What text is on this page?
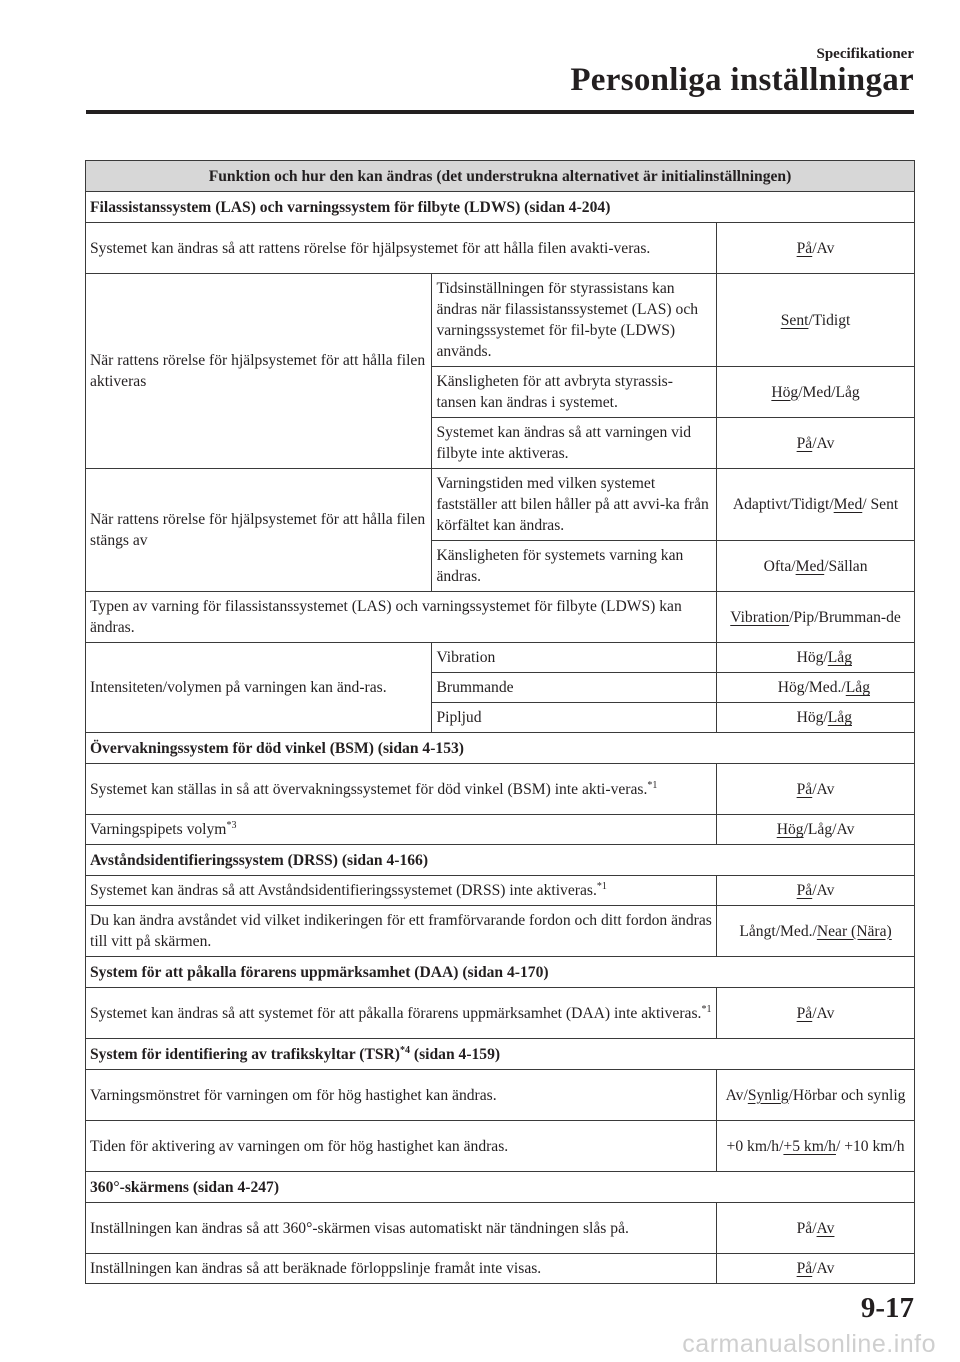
Specifikationer
Personliga inställningar
Funktion och hur den kan ändras (det understrukna alternativet är initialinställningen)		
Filassistanssystem (LAS) och varningssystem för filbyte (LDWS) (sidan 4-204)		
Systemet kan ändras så att rattens rörelse för hjälpsystemet för att hålla filen avakti-veras.		På/Av
När rattens rörelse för hjälpsystemet för att hålla filen aktiveras	Tidsinställningen för styrassistans kan ändras när filassistanssystemet (LAS) och varningssystemet för fil-byte (LDWS) används.	Sent/Tidigt
	Känsligheten för att avbryta styrassis-tansen kan ändras i systemet.	Hög/Med/Låg
	Systemet kan ändras så att varningen vid filbyte inte aktiveras.	På/Av
När rattens rörelse för hjälpsystemet för att hålla filen stängs av	Varningstiden med vilken systemet fastställer att bilen håller på att avvi-ka från körfältet kan ändras.	Adaptivt/Tidigt/Med/ Sent
	Känsligheten för systemets varning kan ändras.	Ofta/Med/Sällan
Typen av varning för filassistanssystemet (LAS) och varningssystemet för filbyte (LDWS) kan ändras.		Vibration/Pip/Brumman-de
Intensiteten/volymen på varningen kan änd-ras.	Vibration	Hög/Låg
	Brummande	Hög/Med./Låg
	Pipljud	Hög/Låg
Övervakningssystem för död vinkel (BSM) (sidan 4-153)		
Systemet kan ställas in så att övervakningssystemet för död vinkel (BSM) inte akti-veras.$^{*1}$		På/Av
Varningspipets volym$^{*3}$		Hög/Låg/Av
Avståndsidentifieringssystem (DRSS) (sidan 4-166)		
Systemet kan ändras så att Avståndsidentifieringssystemet (DRSS) inte aktiveras.$^{*1}$		På/Av
Du kan ändra avståndet vid vilket indikeringen för ett framförvarande fordon och ditt fordon ändras till vitt på skärmen.		Långt/Med./Near (Nära)
System för att påkalla förarens uppmärksamhet (DAA) (sidan 4-170)		
Systemet kan ändras så att systemet för att påkalla förarens uppmärksamhet (DAA) inte aktiveras.$^{*1}$		På/Av
System för identifiering av trafikskyltar (TSR)$^{*4}$ (sidan 4-159)		
Varningsmönstret för varningen om för hög hastighet kan ändras.		Av/Synlig/Hörbar och synlig
Tiden för aktivering av varningen om för hög hastighet kan ändras.		+0 km/h/+5 km/h/ +10 km/h
360°-skärmens (sidan 4-247)		
Inställningen kan ändras så att 360°-skärmen visas automatiskt när tändningen slås på.		På/Av
Inställningen kan ändras så att beräknade förloppslinje framåt inte visas.		På/Av
9-17
carmanualsonline.info
